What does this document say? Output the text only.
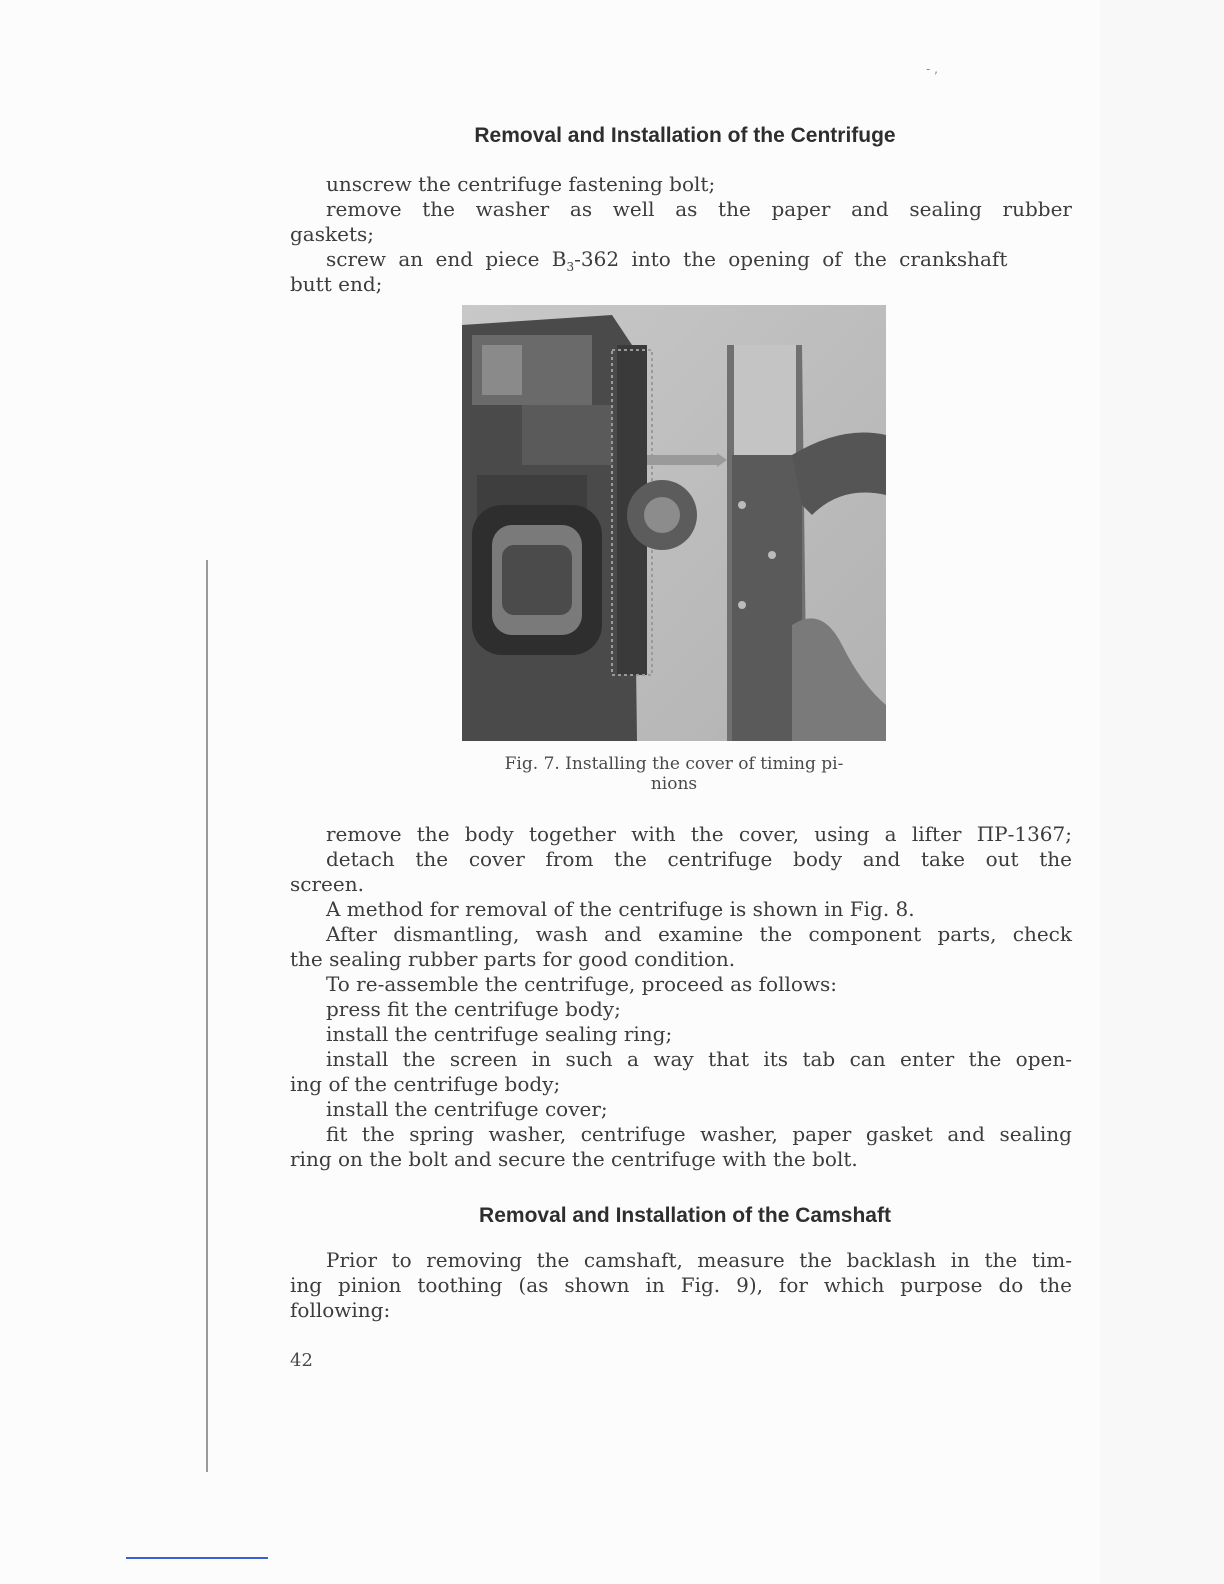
- ,
Removal and Installation of the Centrifuge

unscrew the centrifuge fastening bolt;

remove the washer as well as the paper and sealing rubber

gaskets;

screw an end piece $B_3-362$ into the opening of the crankshaft

butt end;

Fig. 7. Installing the cover of timing pi-

nions

remove the body together with the cover, using a lifter ПР-1367;

detach the cover from the centrifuge body and take out the

screen.

A method for removal of the centrifuge is shown in Fig. 8.

After dismantling, wash and examine the component parts, check

the sealing rubber parts for good condition.

To re-assemble the centrifuge, proceed as follows:

press fit the centrifuge body;

install the centrifuge sealing ring;

install the screen in such a way that its tab can enter the open-

ing of the centrifuge body;

install the centrifuge cover;

fit the spring washer, centrifuge washer, paper gasket and sealing

ring on the bolt and secure the centrifuge with the bolt.

Removal and Installation of the Camshaft

Prior to removing the camshaft, measure the backlash in the tim-

ing pinion toothing (as shown in Fig. 9), for which purpose do the

following:

42
